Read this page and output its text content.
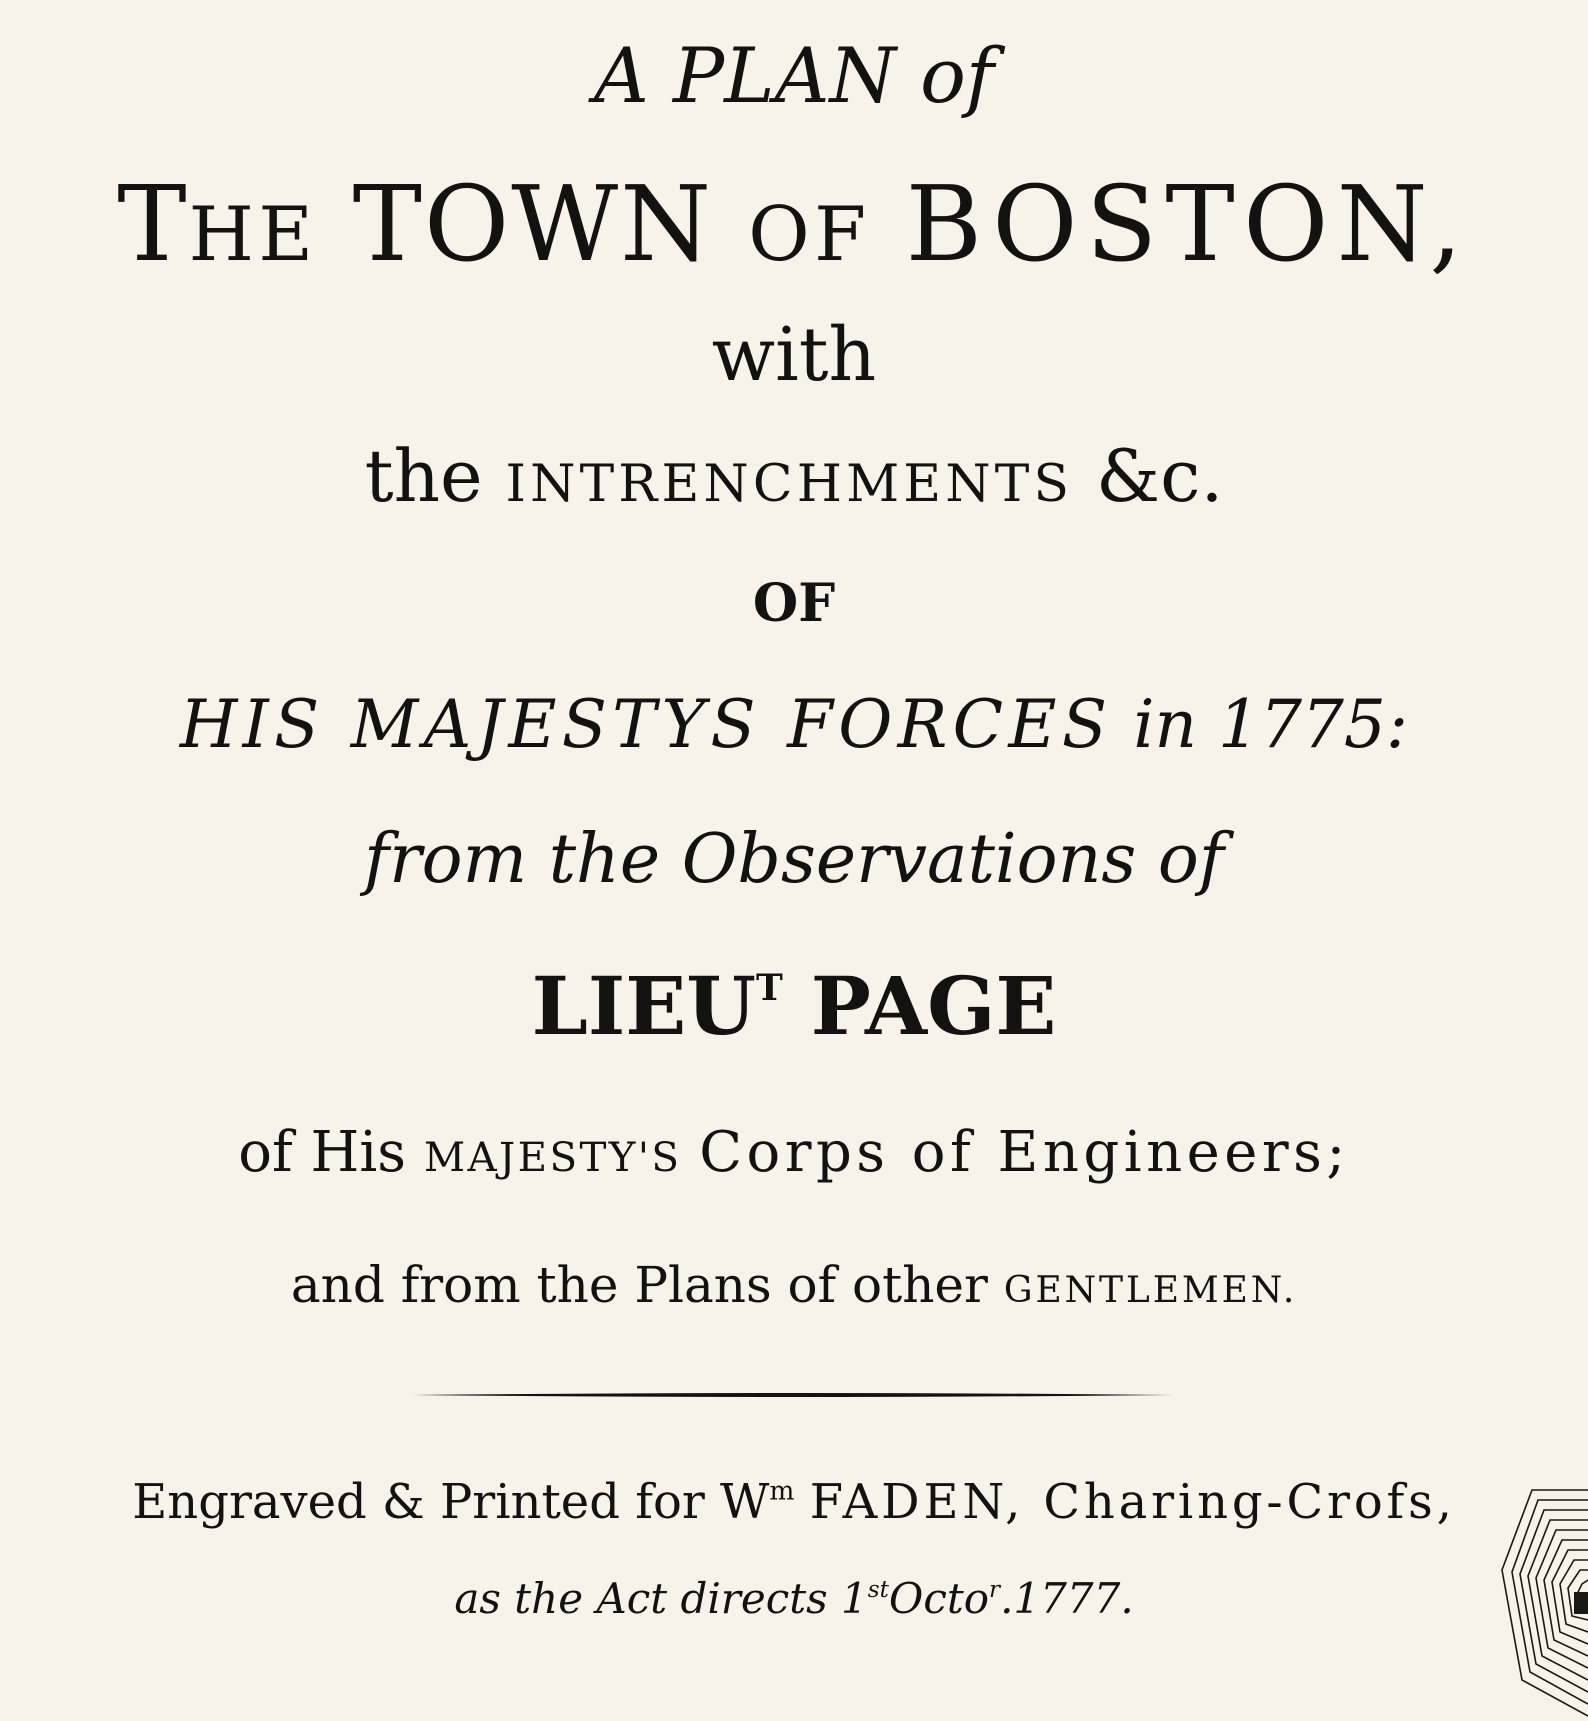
A PLAN of
THE TOWN OF BOSTON,
with
the INTRENCHMENTS &c.
OF
HIS MAJESTYS FORCES in 1775:
from the Observations of
$LIEU^T$ PAGE
of His MAJESTY'S Corps of Engineers;
and from the Plans of other GENTLEMEN.
Engraved & Printed for $W^m$ FADEN, Charing-Crofs,
as the Act directs 1stOcto$^r$.1777.
